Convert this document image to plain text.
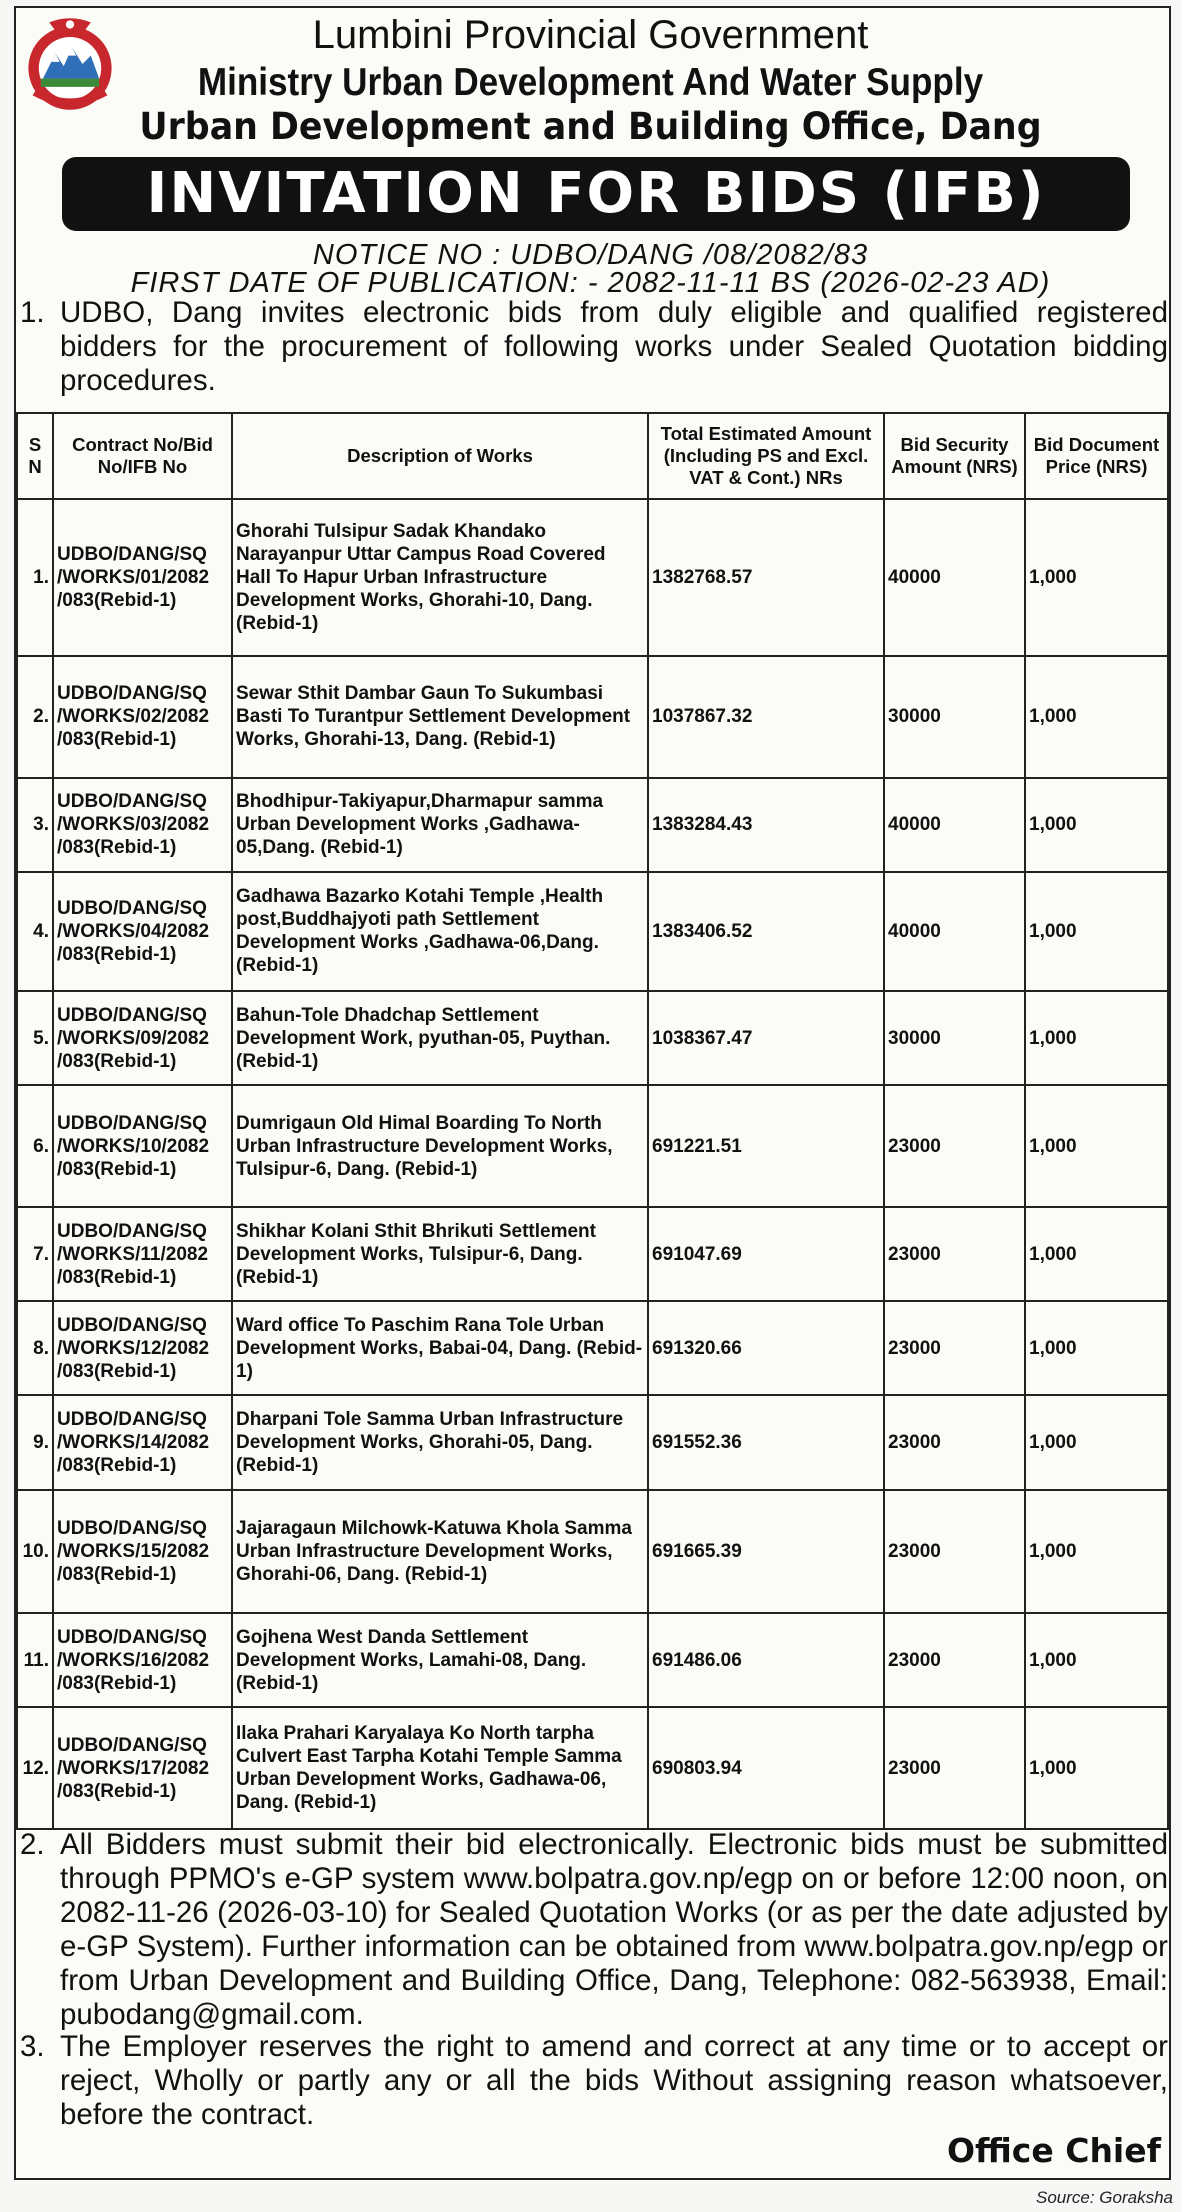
Lumbini Provincial Government
Ministry Urban Development And Water Supply
Urban Development and Building Office, Dang
INVITATION FOR BIDS (IFB)
NOTICE NO : UDBO/DANG /08/2082/83
FIRST DATE OF PUBLICATION: - 2082-11-11 BS (2026-02-23 AD)
1. UDBO, Dang invites electronic bids from duly eligible and qualified registered bidders for the procurement of following works under Sealed Quotation bidding procedures.
S N	Contract No/Bid No/IFB No	Description of Works	Total Estimated Amount (Including PS and Excl. VAT & Cont.) NRs	Bid Security Amount (NRS)	Bid Document Price (NRS)
1.	UDBO/DANG/SQ
/WORKS/01/2082
/083(Rebid-1)	Ghorahi Tulsipur Sadak Khandako Narayanpur Uttar Campus Road Covered Hall To Hapur Urban Infrastructure Development Works, Ghorahi-10, Dang. (Rebid-1)	1382768.57	40000	1,000
2.	UDBO/DANG/SQ
/WORKS/02/2082
/083(Rebid-1)	Sewar Sthit Dambar Gaun To Sukumbasi Basti To Turantpur Settlement Development Works, Ghorahi-13, Dang. (Rebid-1)	1037867.32	30000	1,000
3.	UDBO/DANG/SQ
/WORKS/03/2082
/083(Rebid-1)	Bhodhipur-Takiyapur,Dharmapur samma Urban Development Works ,Gadhawa-05,Dang. (Rebid-1)	1383284.43	40000	1,000
4.	UDBO/DANG/SQ
/WORKS/04/2082
/083(Rebid-1)	Gadhawa Bazarko Kotahi Temple ,Health post,Buddhajyoti path Settlement Development Works ,Gadhawa-06,Dang. (Rebid-1)	1383406.52	40000	1,000
5.	UDBO/DANG/SQ
/WORKS/09/2082
/083(Rebid-1)	Bahun-Tole Dhadchap Settlement Development Work, pyuthan-05, Puythan. (Rebid-1)	1038367.47	30000	1,000
6.	UDBO/DANG/SQ
/WORKS/10/2082
/083(Rebid-1)	Dumrigaun Old Himal Boarding To North Urban Infrastructure Development Works, Tulsipur-6, Dang. (Rebid-1)	691221.51	23000	1,000
7.	UDBO/DANG/SQ
/WORKS/11/2082
/083(Rebid-1)	Shikhar Kolani Sthit Bhrikuti Settlement Development Works, Tulsipur-6, Dang. (Rebid-1)	691047.69	23000	1,000
8.	UDBO/DANG/SQ
/WORKS/12/2082
/083(Rebid-1)	Ward office To Paschim Rana Tole Urban Development Works, Babai-04, Dang. (Rebid-1)	691320.66	23000	1,000
9.	UDBO/DANG/SQ
/WORKS/14/2082
/083(Rebid-1)	Dharpani Tole Samma Urban Infrastructure Development Works, Ghorahi-05, Dang. (Rebid-1)	691552.36	23000	1,000
10.	UDBO/DANG/SQ
/WORKS/15/2082
/083(Rebid-1)	Jajaragaun Milchowk-Katuwa Khola Samma Urban Infrastructure Development Works, Ghorahi-06, Dang. (Rebid-1)	691665.39	23000	1,000
11.	UDBO/DANG/SQ
/WORKS/16/2082
/083(Rebid-1)	Gojhena West Danda Settlement Development Works, Lamahi-08, Dang. (Rebid-1)	691486.06	23000	1,000
12.	UDBO/DANG/SQ
/WORKS/17/2082
/083(Rebid-1)	Ilaka Prahari Karyalaya Ko North tarpha Culvert East Tarpha Kotahi Temple Samma Urban Development Works, Gadhawa-06, Dang. (Rebid-1)	690803.94	23000	1,000
2. All Bidders must submit their bid electronically. Electronic bids must be submitted through PPMO's e-GP system www.bolpatra.gov.np/egp on or before 12:00 noon, on 2082-11-26 (2026-03-10) for Sealed Quotation Works (or as per the date adjusted by e-GP System). Further information can be obtained from www.bolpatra.gov.np/egp or from Urban Development and Building Office, Dang, Telephone: 082-563938, Email: pubodang@gmail.com.
3. The Employer reserves the right to amend and correct at any time or to accept or reject, Wholly or partly any or all the bids Without assigning reason whatsoever, before the contract.
Office Chief
Source: Goraksha
